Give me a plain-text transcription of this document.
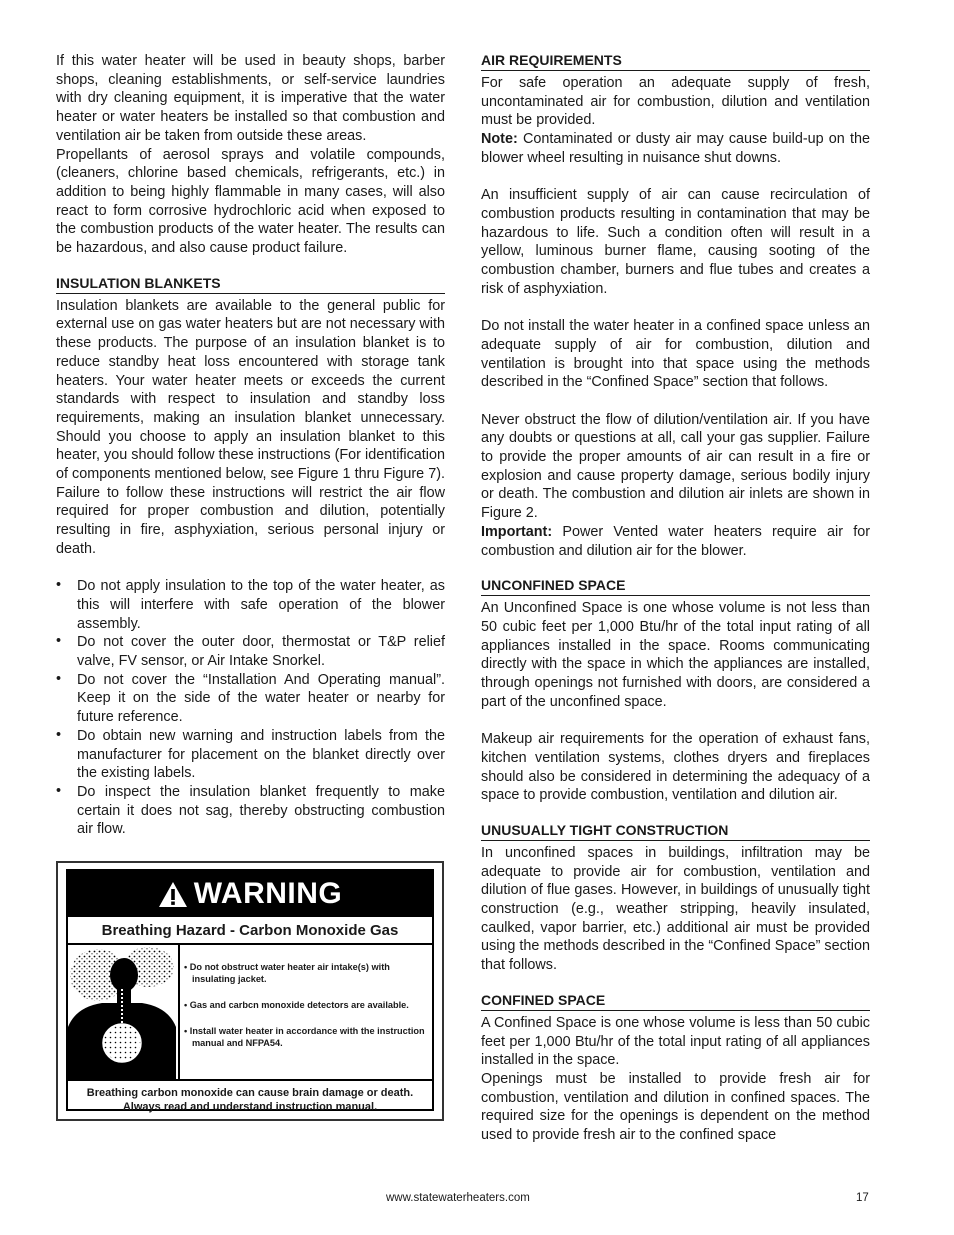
If this water heater will be used in beauty shops, barber shops, cleaning establishments, or self-service laundries with dry cleaning equipment, it is imperative that the water heater or water heaters be installed so that combustion and ventilation air be taken from outside these areas.

Propellants of aerosol sprays and volatile compounds, (cleaners, chlorine based chemicals, refrigerants, etc.) in addition to being highly flammable in many cases, will also react to form corrosive hydrochloric acid when exposed to the combustion products of the water heater. The results can be hazardous, and also cause product failure.

INSULATION BLANKETS

Insulation blankets are available to the general public for external use on gas water heaters but are not necessary with these products. The purpose of an insulation blanket is to reduce standby heat loss encountered with storage tank heaters. Your water heater meets or exceeds the current standards with respect to insulation and standby loss requirements, making an insulation blanket unnecessary. Should you choose to apply an insulation blanket to this heater, you should follow these instructions (For identification of components mentioned below, see Figure 1 thru Figure 7). Failure to follow these instructions will restrict the air flow required for proper combustion and dilution, potentially resulting in fire, asphyxiation, serious personal injury or death.

• Do not apply insulation to the top of the water heater, as this will interfere with safe operation of the blower assembly.
• Do not cover the outer door, thermostat or T&P relief valve, FV sensor, or Air Intake Snorkel.
• Do not cover the “Installation And Operating manual”. Keep it on the side of the water heater or nearby for future reference.
• Do obtain new warning and instruction labels from the manufacturer for placement on the blanket directly over the existing labels.
• Do inspect the insulation blanket frequently to make certain it does not sag, thereby obstructing combustion air flow.
WARNING
Breathing Hazard - Carbon Monoxide Gas
• Do not obstruct water heater air intake(s) with insulating jacket.
• Gas and carbcn monoxide detectors are available.
• Install water heater in accordance with the instruction manual and NFPA54.
Breathing carbon monoxide can cause brain damage or death.
Always read and understand instruction manual.
AIR REQUIREMENTS

For safe operation an adequate supply of fresh, uncontaminated air for combustion, dilution and ventilation must be provided.

Note: Contaminated or dusty air may cause build-up on the blower wheel resulting in nuisance shut downs.

An insufficient supply of air can cause recirculation of combustion products resulting in contamination that may be hazardous to life. Such a condition often will result in a yellow, luminous burner flame, causing sooting of the combustion chamber, burners and flue tubes and creates a risk of asphyxiation.

Do not install the water heater in a confined space unless an adequate supply of air for combustion, dilution and ventilation is brought into that space using the methods described in the “Confined Space” section that follows.

Never obstruct the flow of dilution/ventilation air. If you have any doubts or questions at all, call your gas supplier. Failure to provide the proper amounts of air can result in a fire or explosion and cause property damage, serious bodily injury or death. The combustion and dilution air inlets are shown in Figure 2.

Important: Power Vented water heaters require air for combustion and dilution air for the blower.

UNCONFINED SPACE

An Unconfined Space is one whose volume is not less than 50 cubic feet per 1,000 Btu/hr of the total input rating of all appliances installed in the space. Rooms communicating directly with the space in which the appliances are installed, through openings not furnished with doors, are considered a part of the unconfined space.

Makeup air requirements for the operation of exhaust fans, kitchen ventilation systems, clothes dryers and fireplaces should also be considered in determining the adequacy of a space to provide combustion, ventilation and dilution air.

UNUSUALLY TIGHT CONSTRUCTION

In unconfined spaces in buildings, infiltration may be adequate to provide air for combustion, ventilation and dilution of flue gases. However, in buildings of unusually tight construction (e.g., weather stripping, heavily insulated, caulked, vapor barrier, etc.) additional air must be provided using the methods described in the “Confined Space” section that follows.

CONFINED SPACE

A Confined Space is one whose volume is less than 50 cubic feet per 1,000 Btu/hr of the total input rating of all appliances installed in the space.

Openings must be installed to provide fresh air for combustion, ventilation and dilution in confined spaces. The required size for the openings is dependent on the method used to provide fresh air to the confined space

www.statewaterheaters.com	17
